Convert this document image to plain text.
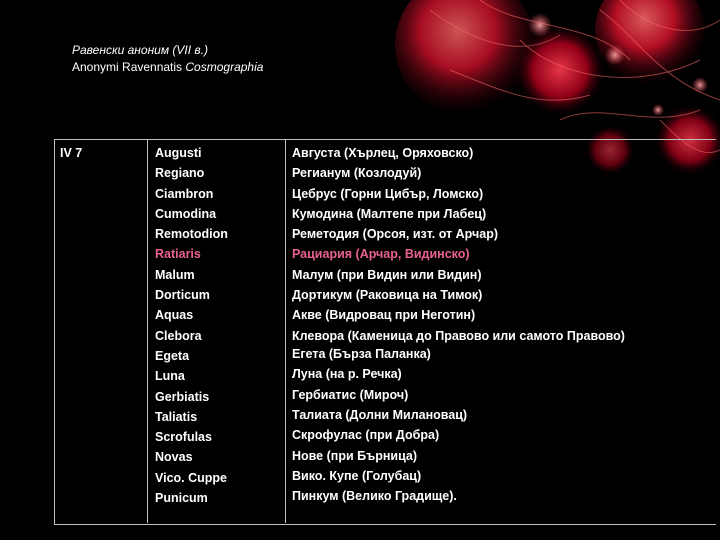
Равенски аноним (VII в.)
Anonymi Ravennatis Cosmographia
IV 7	Augusti
Regiano
Ciambron
Cumodina
Remotodion
Ratiaris
Malum
Dorticum
Aquas
Clebora
Egeta
Luna
Gerbiatis
Taliatis
Scrofulas
Novas
Vico. Cuppe
Punicum
Августа (Хърлец, Оряховско)
Регианум (Козлодуй)
Цебрус (Горни Цибър, Ломско)
Кумодина (Малтепе при Лабец)
Реметодия (Орсоя, изт. от Арчар)
Рациария (Арчар, Видинско)
Малум (при Видин или Видин)
Дортикум (Раковица на Тимок)
Акве (Видровац при Неготин)
Клевора (Каменица до Правово или самото Правово)
Егета (Бърза Паланка)
Луна (на р. Речка)
Гербиатис (Мироч)
Талиата (Долни Милановац)
Скрофулас (при Добра)
Нове (при Бърница)
Вико. Купе (Голубац)
Пинкум (Велико Градище).
